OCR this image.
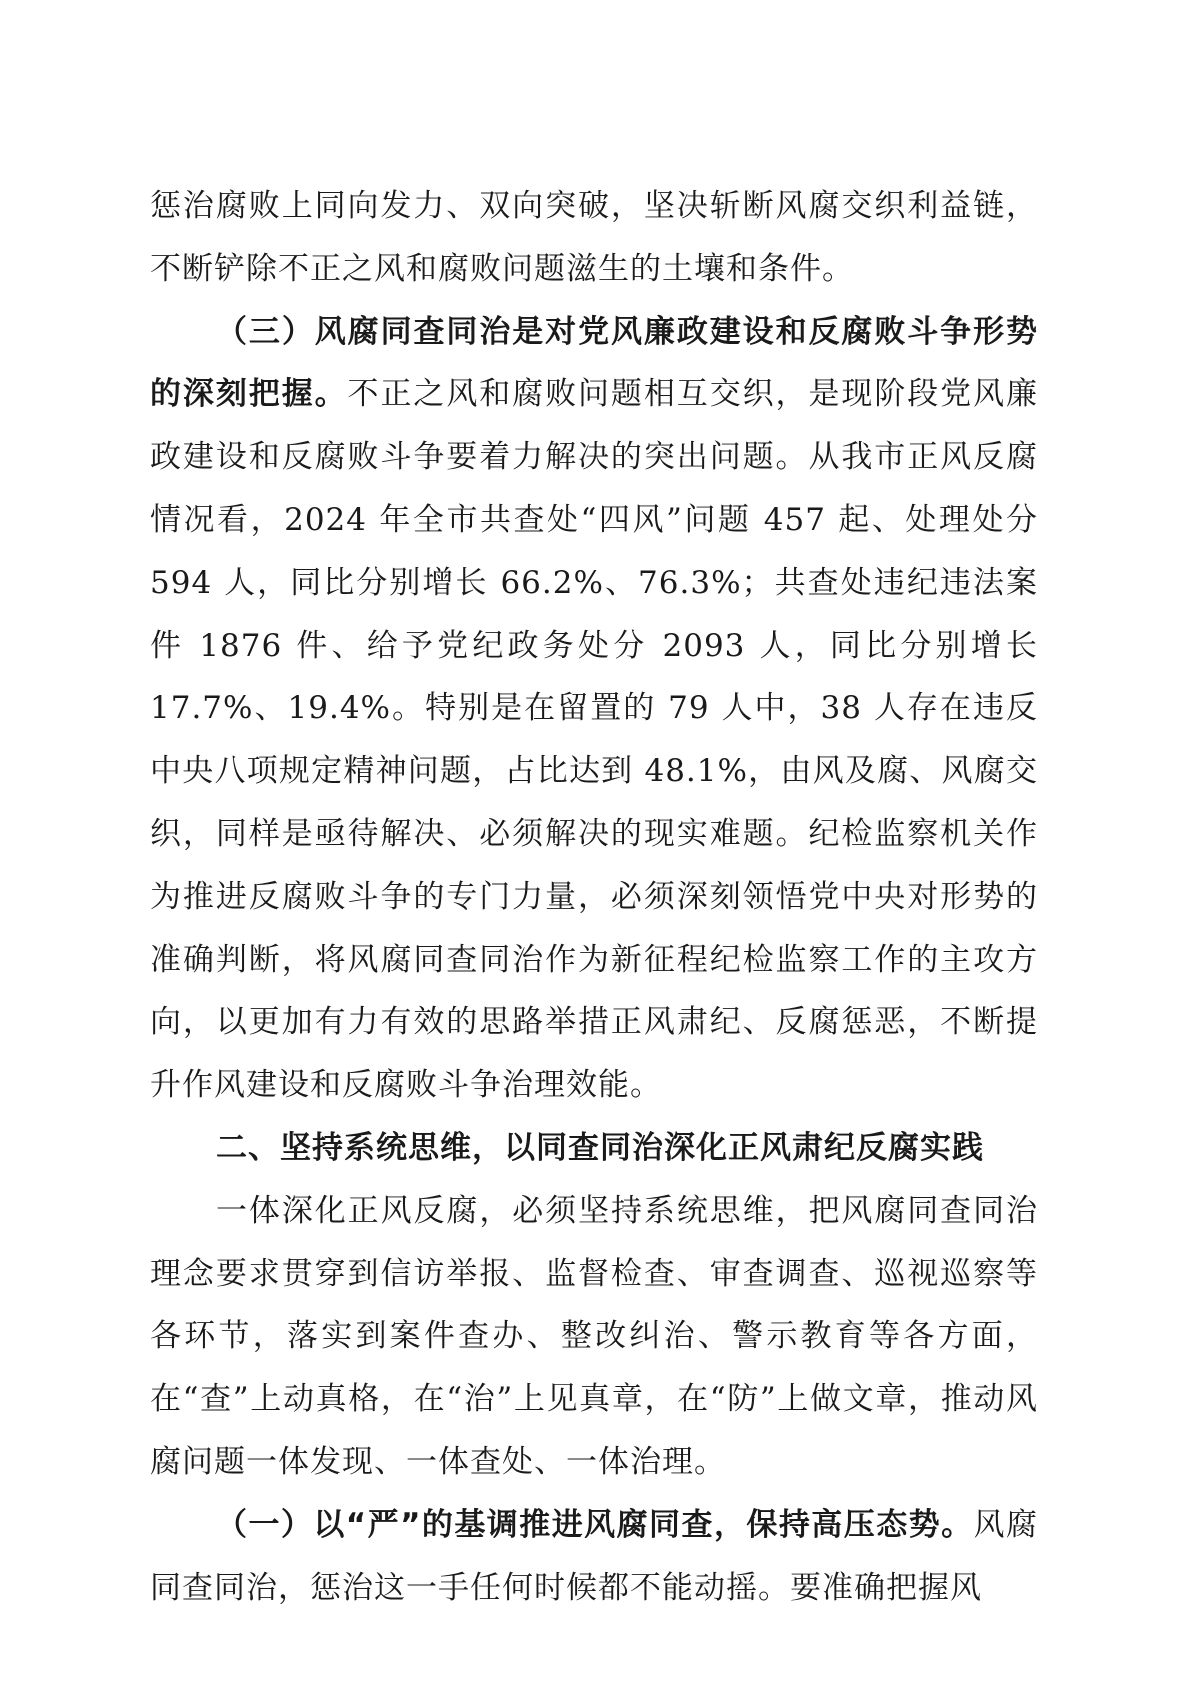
惩治腐败上同向发力、双向突破，坚决斩断风腐交织利益链，不断铲除不正之风和腐败问题滋生的土壤和条件。

（三）风腐同查同治是对党风廉政建设和反腐败斗争形势的深刻把握。不正之风和腐败问题相互交织，是现阶段党风廉政建设和反腐败斗争要着力解决的突出问题。从我市正风反腐情况看，2024 年全市共查处“四风”问题 457 起、处理处分 594 人，同比分别增长 66.2%、76.3%；共查处违纪违法案件 1876 件、给予党纪政务处分 2093 人，同比分别增长 17.7%、19.4%。特别是在留置的 79 人中，38 人存在违反中央八项规定精神问题，占比达到 48.1%，由风及腐、风腐交织，同样是亟待解决、必须解决的现实难题。纪检监察机关作为推进反腐败斗争的专门力量，必须深刻领悟党中央对形势的准确判断，将风腐同查同治作为新征程纪检监察工作的主攻方向，以更加有力有效的思路举措正风肃纪、反腐惩恶，不断提升作风建设和反腐败斗争治理效能。

二、坚持系统思维，以同查同治深化正风肃纪反腐实践

一体深化正风反腐，必须坚持系统思维，把风腐同查同治理念要求贯穿到信访举报、监督检查、审查调查、巡视巡察等各环节，落实到案件查办、整改纠治、警示教育等各方面，在“查”上动真格，在“治”上见真章，在“防”上做文章，推动风腐问题一体发现、一体查处、一体治理。

（一）以“严”的基调推进风腐同查，保持高压态势。风腐同查同治，惩治这一手任何时候都不能动摇。要准确把握风
